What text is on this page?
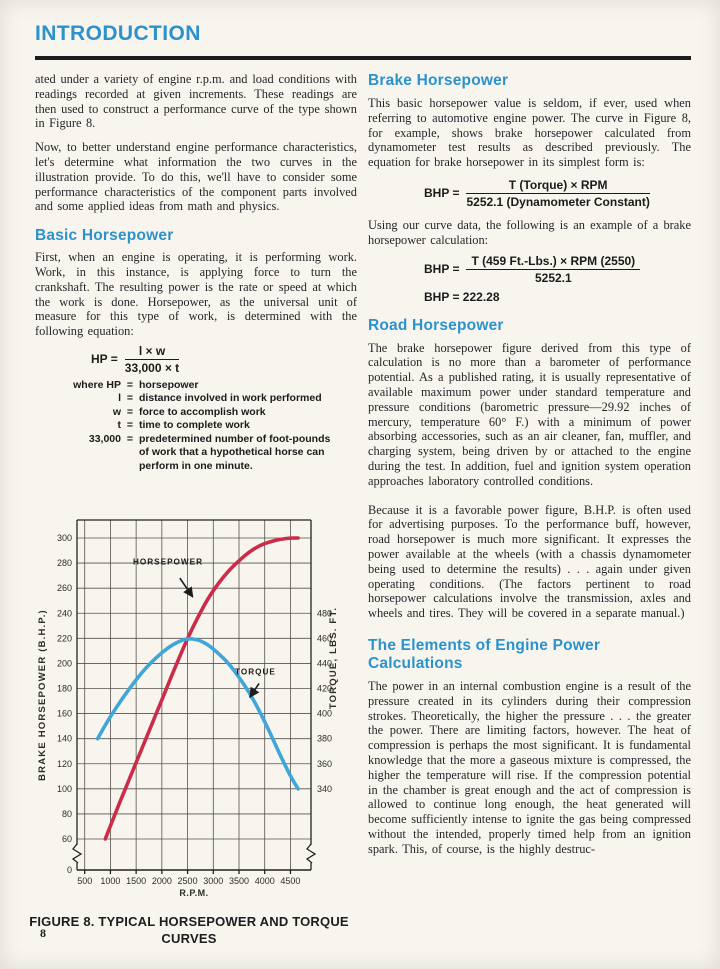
INTRODUCTION

ated under a variety of engine r.p.m. and load conditions with readings recorded at given increments. These readings are then used to construct a performance curve of the type shown in Figure 8.

Now, to better understand engine performance characteristics, let's determine what information the two curves in the illustration provide. To do this, we'll have to consider some performance characteristics of the component parts involved and some applied ideas from math and physics.

Basic Horsepower

First, when an engine is operating, it is performing work. Work, in this instance, is applying force to turn the crankshaft. The resulting power is the rate or speed at which the work is done. Horsepower, as the universal unit of measure for this type of work, is determined with the following equation:

HP = $\frac{l \times w}{33,000 \times t}$
where HP = horsepower
l = distance involved in work performed
w = force to accomplish work
t = time to complete work
33,000 = predetermined number of foot-pounds of work that a hypothetical horse can perform in one minute.
Brake Horsepower

This basic horsepower value is seldom, if ever, used when referring to automotive engine power. The curve in Figure 8, for example, shows brake horsepower calculated from dynamometer test results as described previously. The equation for brake horsepower in its simplest form is:

BHP = $\frac{\text{T (Torque) × RPM}}{\text{5252.1 (Dynamometer Constant)}}$

Using our curve data, the following is an example of a brake horsepower calculation:

BHP = $\frac{\text{T (459 Ft.-Lbs.) × RPM (2550)}}{5252.1}$
BHP = 222.28
Road Horsepower

The brake horsepower figure derived from this type of calculation is no more than a barometer of performance potential. As a published rating, it is usually representative of available maximum power under standard temperature and pressure conditions (barometric pressure—29.92 inches of mercury, temperature 60° F.) with a minimum of power absorbing accessories, such as an air cleaner, fan, muffler, and charging system, being driven by or attached to the engine during the test. In addition, fuel and ignition system operation approaches laboratory controlled conditions.

Because it is a favorable power figure, B.H.P. is often used for advertising purposes. To the performance buff, however, road horsepower is much more significant. It expresses the power available at the wheels (with a chassis dynamometer being used to determine the results) . . . again under given operating conditions. (The factors pertinent to road horsepower calculations involve the transmission, axles and wheels and tires. They will be covered in a separate manual.)

The Elements of Engine Power Calculations

The power in an internal combustion engine is a result of the pressure created in its cylinders during their compression strokes. Theoretically, the higher the pressure . . . the greater the power. There are limiting factors, however. The heat of compression is perhaps the most significant. It is fundamental knowledge that the more a gaseous mixture is compressed, the higher the temperature will rise. If the compression potential in the chamber is great enough and the act of compression is allowed to continue long enough, the heat generated will become sufficiently intense to ignite the gas being compressed without the intended, properly timed help from an ignition spark. This, of course, is the highly destruc-

60
80
100
120
140
160
180
200
220
240
260
280
300
0
340
360
380
400
420
440
460
480
500 1000 1500 2000 2500 3000 3500 4000 4500
R.P.M.
BRAKE HORSEPOWER (B.H.P.)	TORQUE, LBS. FT.
HORSEPOWER
TORQUE
FIGURE 8. TYPICAL HORSEPOWER AND TORQUE
CURVES
8
